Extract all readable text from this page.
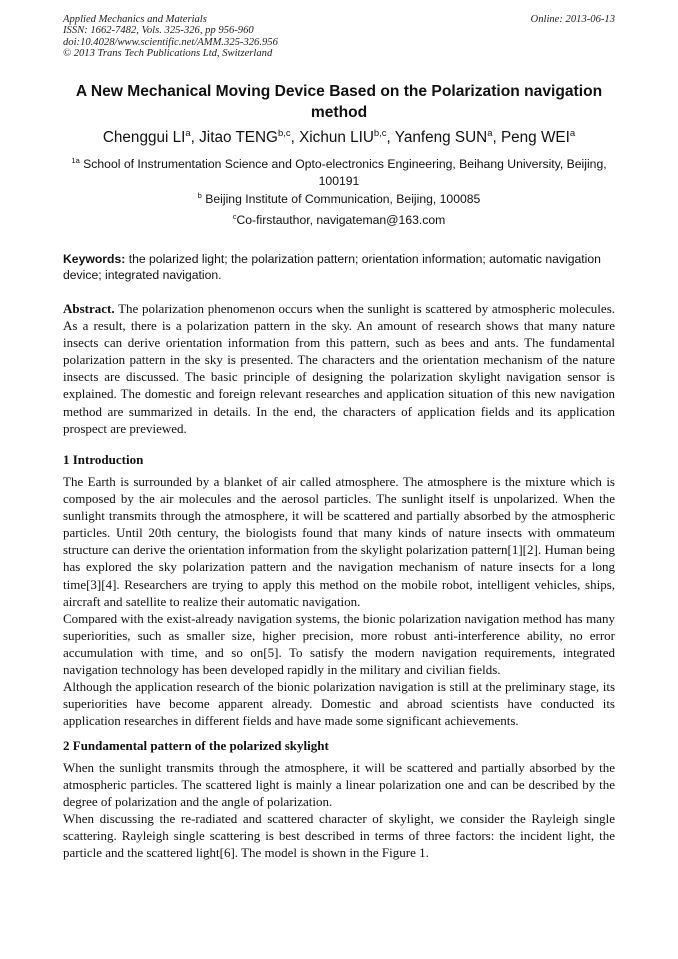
Applied Mechanics and Materials
ISSN: 1662-7482, Vols. 325-326, pp 956-960
doi:10.4028/www.scientific.net/AMM.325-326.956
© 2013 Trans Tech Publications Ltd, Switzerland
Online: 2013-06-13
A New Mechanical Moving Device Based on the Polarization navigation method
Chenggui $LI^a$, Jitao TENG$^{b,c}$, Xichun LIU$^{b,c}$, Yanfeng SUN$^a$, Peng WEI$^a$
$^{1a}$ School of Instrumentation Science and Opto-electronics Engineering, Beihang University, Beijing, 100191
$^b$ Beijing Institute of Communication, Beijing, 100085
$^c$Co-firstauthor, navigateman@163.com
Keywords: the polarized light; the polarization pattern; orientation information; automatic navigation device; integrated navigation.
Abstract. The polarization phenomenon occurs when the sunlight is scattered by atmospheric molecules. As a result, there is a polarization pattern in the sky. An amount of research shows that many nature insects can derive orientation information from this pattern, such as bees and ants. The fundamental polarization pattern in the sky is presented. The characters and the orientation mechanism of the nature insects are discussed. The basic principle of designing the polarization skylight navigation sensor is explained. The domestic and foreign relevant researches and application situation of this new navigation method are summarized in details. In the end, the characters of application fields and its application prospect are previewed.
1 Introduction

The Earth is surrounded by a blanket of air called atmosphere. The atmosphere is the mixture which is composed by the air molecules and the aerosol particles. The sunlight itself is unpolarized. When the sunlight transmits through the atmosphere, it will be scattered and partially absorbed by the atmospheric particles. Until 20th century, the biologists found that many kinds of nature insects with ommateum structure can derive the orientation information from the skylight polarization pattern[1][2]. Human being has explored the sky polarization pattern and the navigation mechanism of nature insects for a long time[3][4]. Researchers are trying to apply this method on the mobile robot, intelligent vehicles, ships, aircraft and satellite to realize their automatic navigation.

Compared with the exist-already navigation systems, the bionic polarization navigation method has many superiorities, such as smaller size, higher precision, more robust anti-interference ability, no error accumulation with time, and so on[5]. To satisfy the modern navigation requirements, integrated navigation technology has been developed rapidly in the military and civilian fields.

Although the application research of the bionic polarization navigation is still at the preliminary stage, its superiorities have become apparent already. Domestic and abroad scientists have conducted its application researches in different fields and have made some significant achievements.

2 Fundamental pattern of the polarized skylight

When the sunlight transmits through the atmosphere, it will be scattered and partially absorbed by the atmospheric particles. The scattered light is mainly a linear polarization one and can be described by the degree of polarization and the angle of polarization.

When discussing the re-radiated and scattered character of skylight, we consider the Rayleigh single scattering. Rayleigh single scattering is best described in terms of three factors: the incident light, the particle and the scattered light[6]. The model is shown in the Figure 1.
